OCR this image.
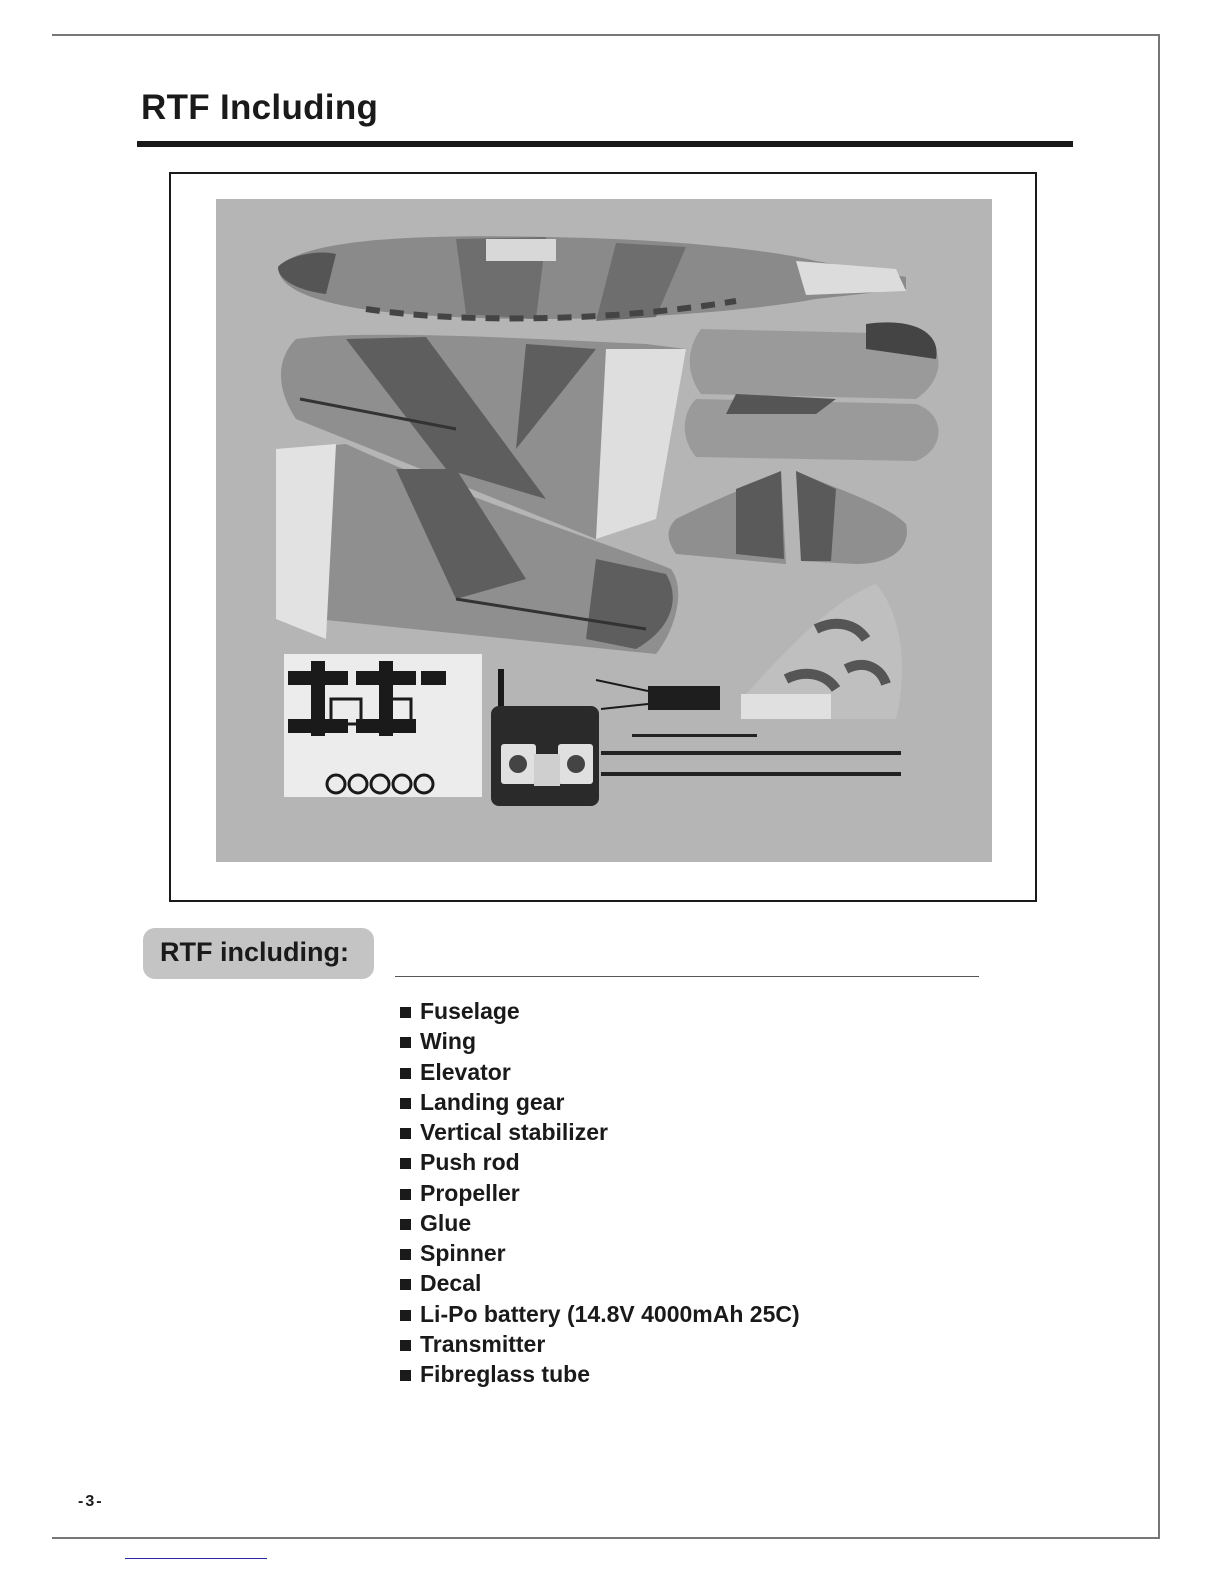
RTF Including
RTF including:
Fuselage
Wing
Elevator
Landing gear
Vertical stabilizer
Push rod
Propeller
Glue
Spinner
Decal
Li-Po battery (14.8V 4000mAh 25C)
Transmitter
Fibreglass tube
-3-
